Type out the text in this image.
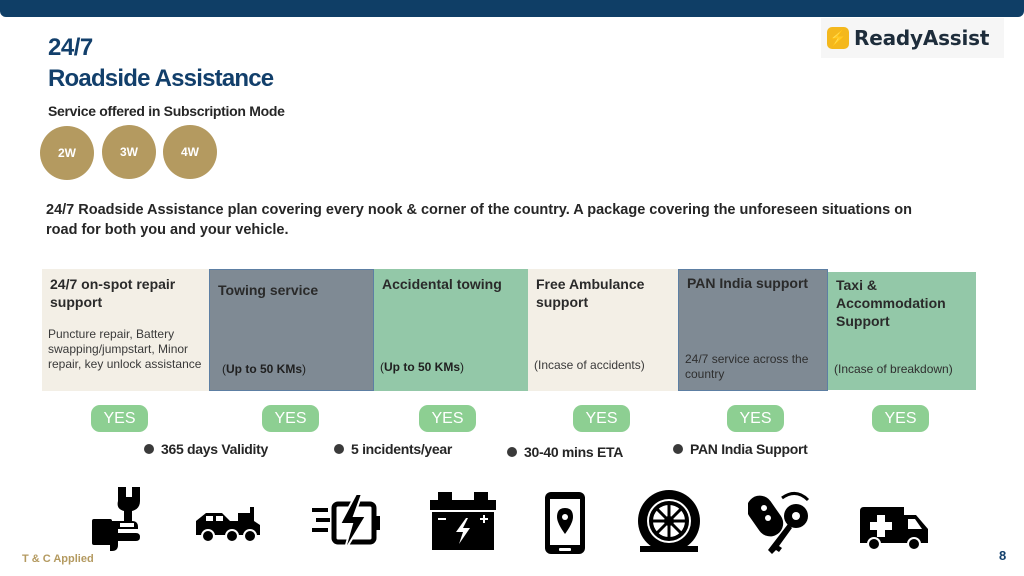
⚡ ReadyAssist
24/7
Roadside Assistance
Service offered in Subscription Mode
2W	3W	4W
24/7 Roadside Assistance plan covering every nook & corner of the country. A package covering the unforeseen situations on road for both you and your vehicle.
24/7 on-spot repair support
Puncture repair, Battery swapping/jumpstart, Minor repair, key unlock assistance
Towing service
(Up to 50 KMs)
Accidental towing
(Up to 50 KMs)
Free Ambulance support
(Incase of accidents)
PAN India support
24/7 service across the country
Taxi & Accommodation Support
(Incase of breakdown)
YES	YES	YES	YES	YES	YES
365 days Validity	5 incidents/year	30-40 mins ETA	PAN India Support
T & C Applied	8
